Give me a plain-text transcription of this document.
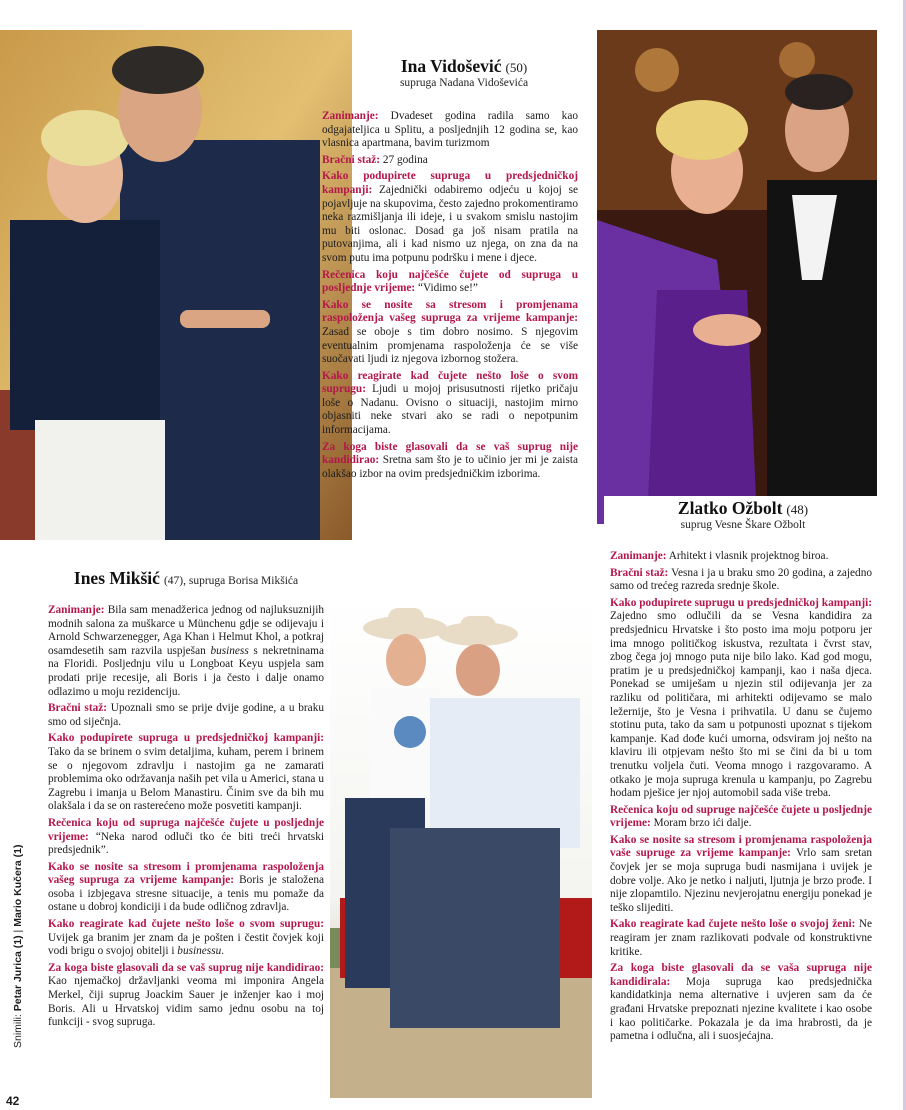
Ina Vidošević (50)
supruga Nadana Vidoševića

Zanimanje: Dvadeset godina radila samo kao odgajateljica u Splitu, a posljednjih 12 godina se, kao vlasnica apartmana, bavim turizmom

Bračni staž: 27 godina

Kako podupirete supruga u predsjedničkoj kampanji: Zajednički odabiremo odjeću u kojoj se pojavljuje na skupovima, često zajedno prokomentiramo neka razmišljanja ili ideje, i u svakom smislu nastojim mu biti oslonac. Dosad ga još nisam pratila na putovanjima, ali i kad nismo uz njega, on zna da na svom putu ima potpunu podršku i mene i djece.

Rečenica koju najčešće čujete od supruga u posljednje vrijeme: “Vidimo se!”

Kako se nosite sa stresom i promjenama raspoloženja vašeg supruga za vrijeme kampanje: Zasad se oboje s tim dobro nosimo. S njegovim eventualnim promjenama raspoloženja će se više suočavati ljudi iz njegova izbornog stožera.

Kako reagirate kad čujete nešto loše o svom suprugu: Ljudi u mojoj prisusutnosti rijetko pričaju loše o Nadanu. Ovisno o situaciji, nastojim mirno objasniti neke stvari ako se radi o nepotpunim informacijama.

Za koga biste glasovali da se vaš suprug nije kandidirao: Sretna sam što je to učinio jer mi je zaista olakšao izbor na ovim predsjedničkim izborima.

Zlatko Ožbolt (48)
suprug Vesne Škare Ožbolt

Zanimanje: Arhitekt i vlasnik projektnog biroa.

Bračni staž: Vesna i ja u braku smo 20 godina, a zajedno samo od trećeg razreda srednje škole.

Kako podupirete suprugu u predsjedničkoj kampanji: Zajedno smo odlučili da se Vesna kandidira za predsjednicu Hrvatske i što posto ima moju potporu jer ima mnogo političkog iskustva, rezultata i čvrst stav, zbog čega joj mnogo puta nije bilo lako. Kad god mogu, pratim je u predsjedničkoj kampanji, kao i naša djeca. Ponekad se umiješam u njezin stil odijevanja jer za razliku od političara, mi arhitekti odijevamo se malo ležernije, što je Vesna i prihvatila. U danu se čujemo stotinu puta, tako da sam u potpunosti upoznat s tijekom kampanje. Kad dođe kući umorna, odsviram joj nešto na klaviru ili otpjevam nešto što mi se čini da bi u tom trenutku voljela čuti. Veoma mnogo i razgovaramo. A otkako je moja supruga krenula u kampanju, po Zagrebu hodam pješice jer njoj automobil sada više treba.

Rečenica koju od supruge najčešće čujete u posljednje vrijeme: Moram brzo ići dalje.

Kako se nosite sa stresom i promjenama raspoloženja vaše supruge za vrijeme kampanje: Vrlo sam sretan čovjek jer se moja supruga budi nasmijana i uvijek je dobre volje. Ako je netko i naljuti, ljutnja je brzo prođe. I nije zlopamtilo. Njezinu nevjerojatnu energiju ponekad je teško slijediti.

Kako reagirate kad čujete nešto loše o svojoj ženi: Ne reagiram jer znam razlikovati podvale od konstruktivne kritike.

Za koga biste glasovali da se vaša supruga nije kandidirala: Moja supruga kao predsjednička kandidatkinja nema alternative i uvjeren sam da će građani Hrvatske prepoznati njezine kvalitete i kao osobe i kao političarke. Pokazala je da ima hrabrosti, da je pametna i odlučna, ali i suosjećajna.

Ines Mikšić (47), supruga Borisa Mikšića

Zanimanje: Bila sam menadžerica jednog od najluksuznijih modnih salona za muškarce u Münchenu gdje se odijevaju i Arnold Schwarzenegger, Aga Khan i Helmut Khol, a potkraj osamdesetih sam razvila uspješan business s nekretninama na Floridi. Posljednju vilu u Longboat Keyu uspjela sam prodati prije recesije, ali Boris i ja često i dalje onamo odlazimo u moju rezidenciju.

Bračni staž: Upoznali smo se prije dvije godine, a u braku smo od siječnja.

Kako podupirete supruga u predsjedničkoj kampanji: Tako da se brinem o svim detaljima, kuham, perem i brinem se o njegovom zdravlju i nastojim ga ne zamarati problemima oko održavanja naših pet vila u Americi, stana u Zagrebu i imanja u Belom Manastiru. Činim sve da bih mu olakšala i da se on rasterećeno može posvetiti kampanji.

Rečenica koju od supruga najčešće čujete u posljednje vrijeme: “Neka narod odluči tko će biti treći hrvatski predsjednik”.

Kako se nosite sa stresom i promjenama raspoloženja vašeg supruga za vrijeme kampanje: Boris je staložena osoba i izbjegava stresne situacije, a tenis mu pomaže da ostane u dobroj kondiciji i da bude odličnog zdravlja.

Kako reagirate kad čujete nešto loše o svom suprugu: Uvijek ga branim jer znam da je pošten i čestit čovjek koji vodi brigu o svojoj obitelji i businessu.

Za koga biste glasovali da se vaš suprug nije kandidirao: Kao njemačkoj državljanki veoma mi imponira Angela Merkel, čiji suprug Joackim Sauer je inženjer kao i moj Boris. Ali u Hrvatskoj vidim samo jednu osobu na toj funkciji - svog supruga.

Snimili: Petar Jurica (1) | Mario Kučera (1)
42
